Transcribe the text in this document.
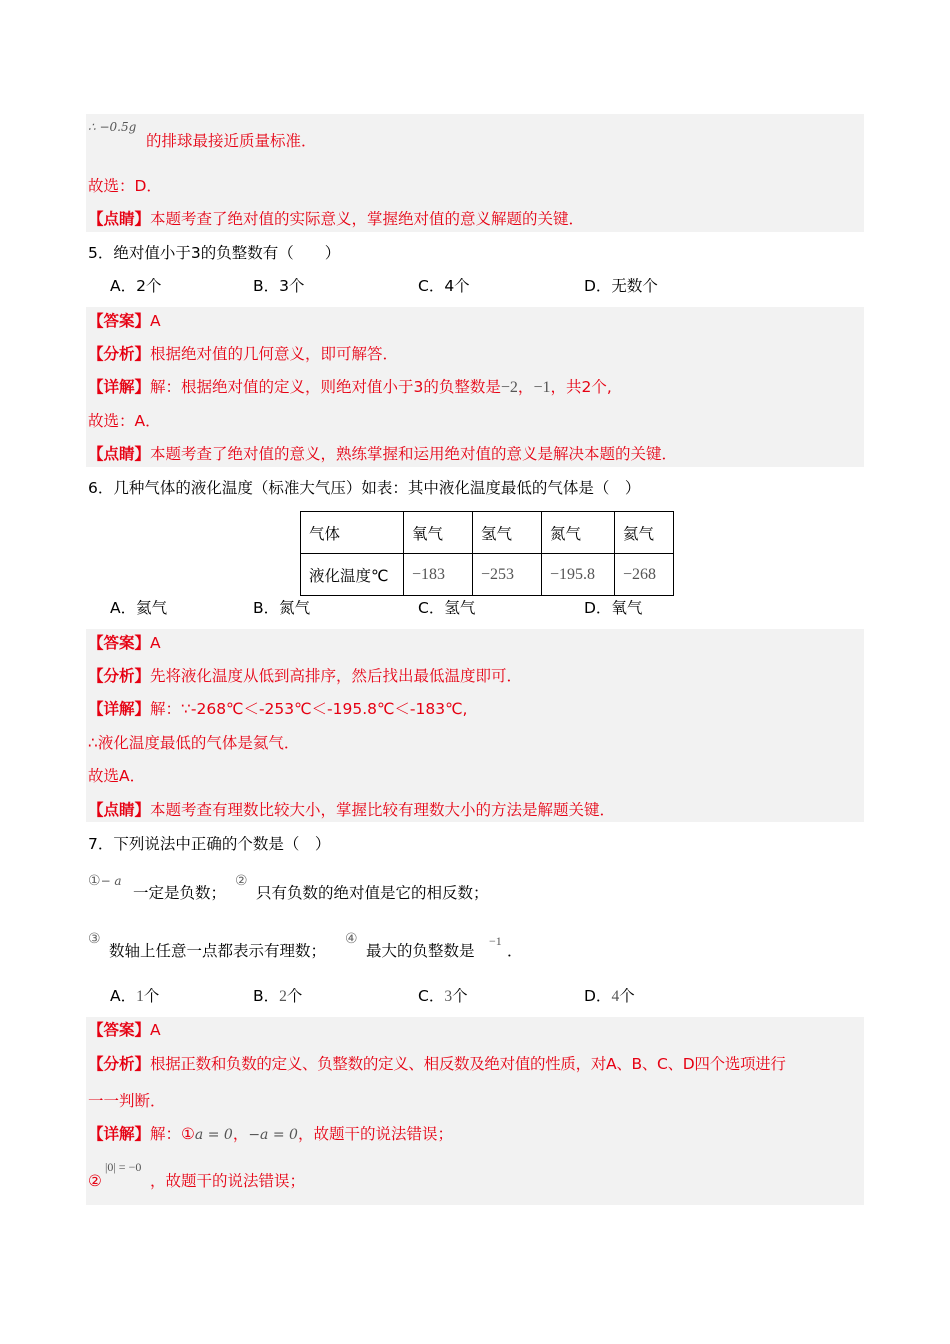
∴ −0.5g
的排球最接近质量标准．
故选：D．
【点睛】本题考查了绝对值的实际意义，掌握绝对值的意义解题的关键．
5．绝对值小于3的负整数有（　　）
A．2个	B．3个	C．4个	D．无数个
【答案】A
【分析】根据绝对值的几何意义，即可解答．
【详解】解：根据绝对值的定义，则绝对值小于3的负整数是−2，−1，共2个,
故选：A．
【点睛】本题考查了绝对值的意义，熟练掌握和运用绝对值的意义是解决本题的关键．
6．几种气体的液化温度（标准大气压）如表：其中液化温度最低的气体是（　）
气体	氧气	氢气	氮气	氦气
液化温度℃	−183	−253	−195.8	−268
A．氦气	B．氮气	C．氢气	D．氧气
【答案】A
【分析】先将液化温度从低到高排序，然后找出最低温度即可．
【详解】解：∵-268℃＜-253℃＜-195.8℃＜-183℃,
∴液化温度最低的气体是氦气．
故选A．
【点睛】本题考查有理数比较大小，掌握比较有理数大小的方法是解题关键．
7．下列说法中正确的个数是（　）
①− a
一定是负数；
②
只有负数的绝对值是它的相反数；
③
数轴上任意一点都表示有理数；
④
最大的负整数是
−1
．
A．1个	B．2个	C．3个	D．4个
【答案】A
【分析】根据正数和负数的定义、负整数的定义、相反数及绝对值的性质，对A、B、C、D四个选项进行
一一判断．
【详解】解：①a = 0，−a = 0，故题干的说法错误；
|0| = −0
②	，故题干的说法错误；
